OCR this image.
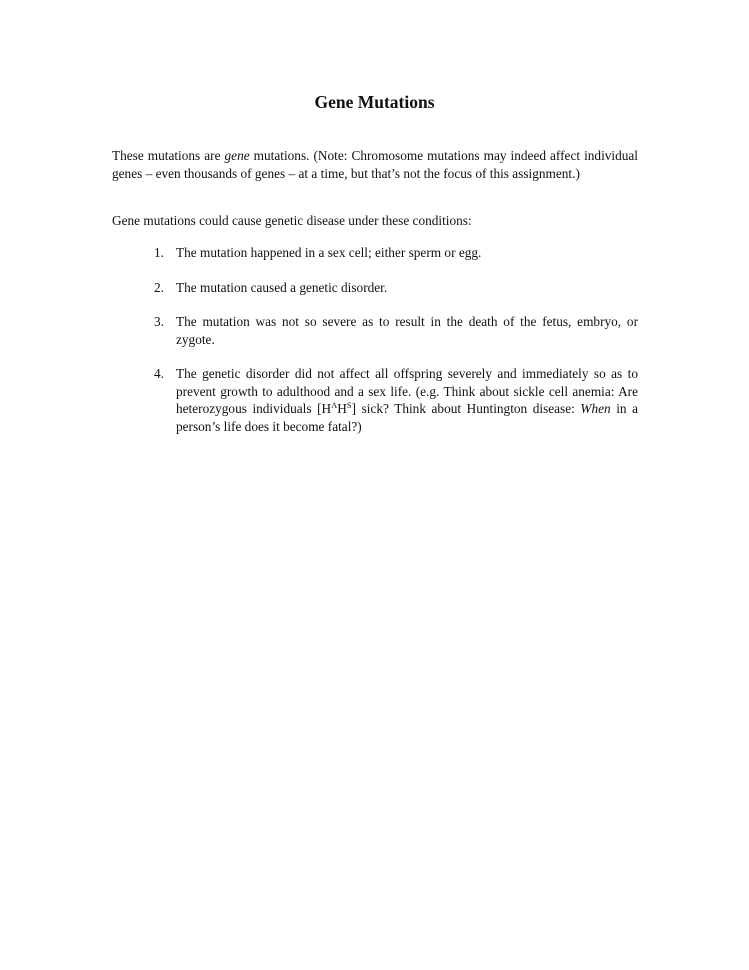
Gene Mutations

These mutations are gene mutations. (Note: Chromosome mutations may indeed affect individual genes – even thousands of genes – at a time, but that’s not the focus of this assignment.)

Gene mutations could cause genetic disease under these conditions:

1. The mutation happened in a sex cell; either sperm or egg.
2. The mutation caused a genetic disorder.
3. The mutation was not so severe as to result in the death of the fetus, embryo, or zygote.
4. The genetic disorder did not affect all offspring severely and immediately so as to prevent growth to adulthood and a sex life. (e.g. Think about sickle cell anemia: Are heterozygous individuals $[H^AH^S]$ sick? Think about Huntington disease: When in a person’s life does it become fatal?)
